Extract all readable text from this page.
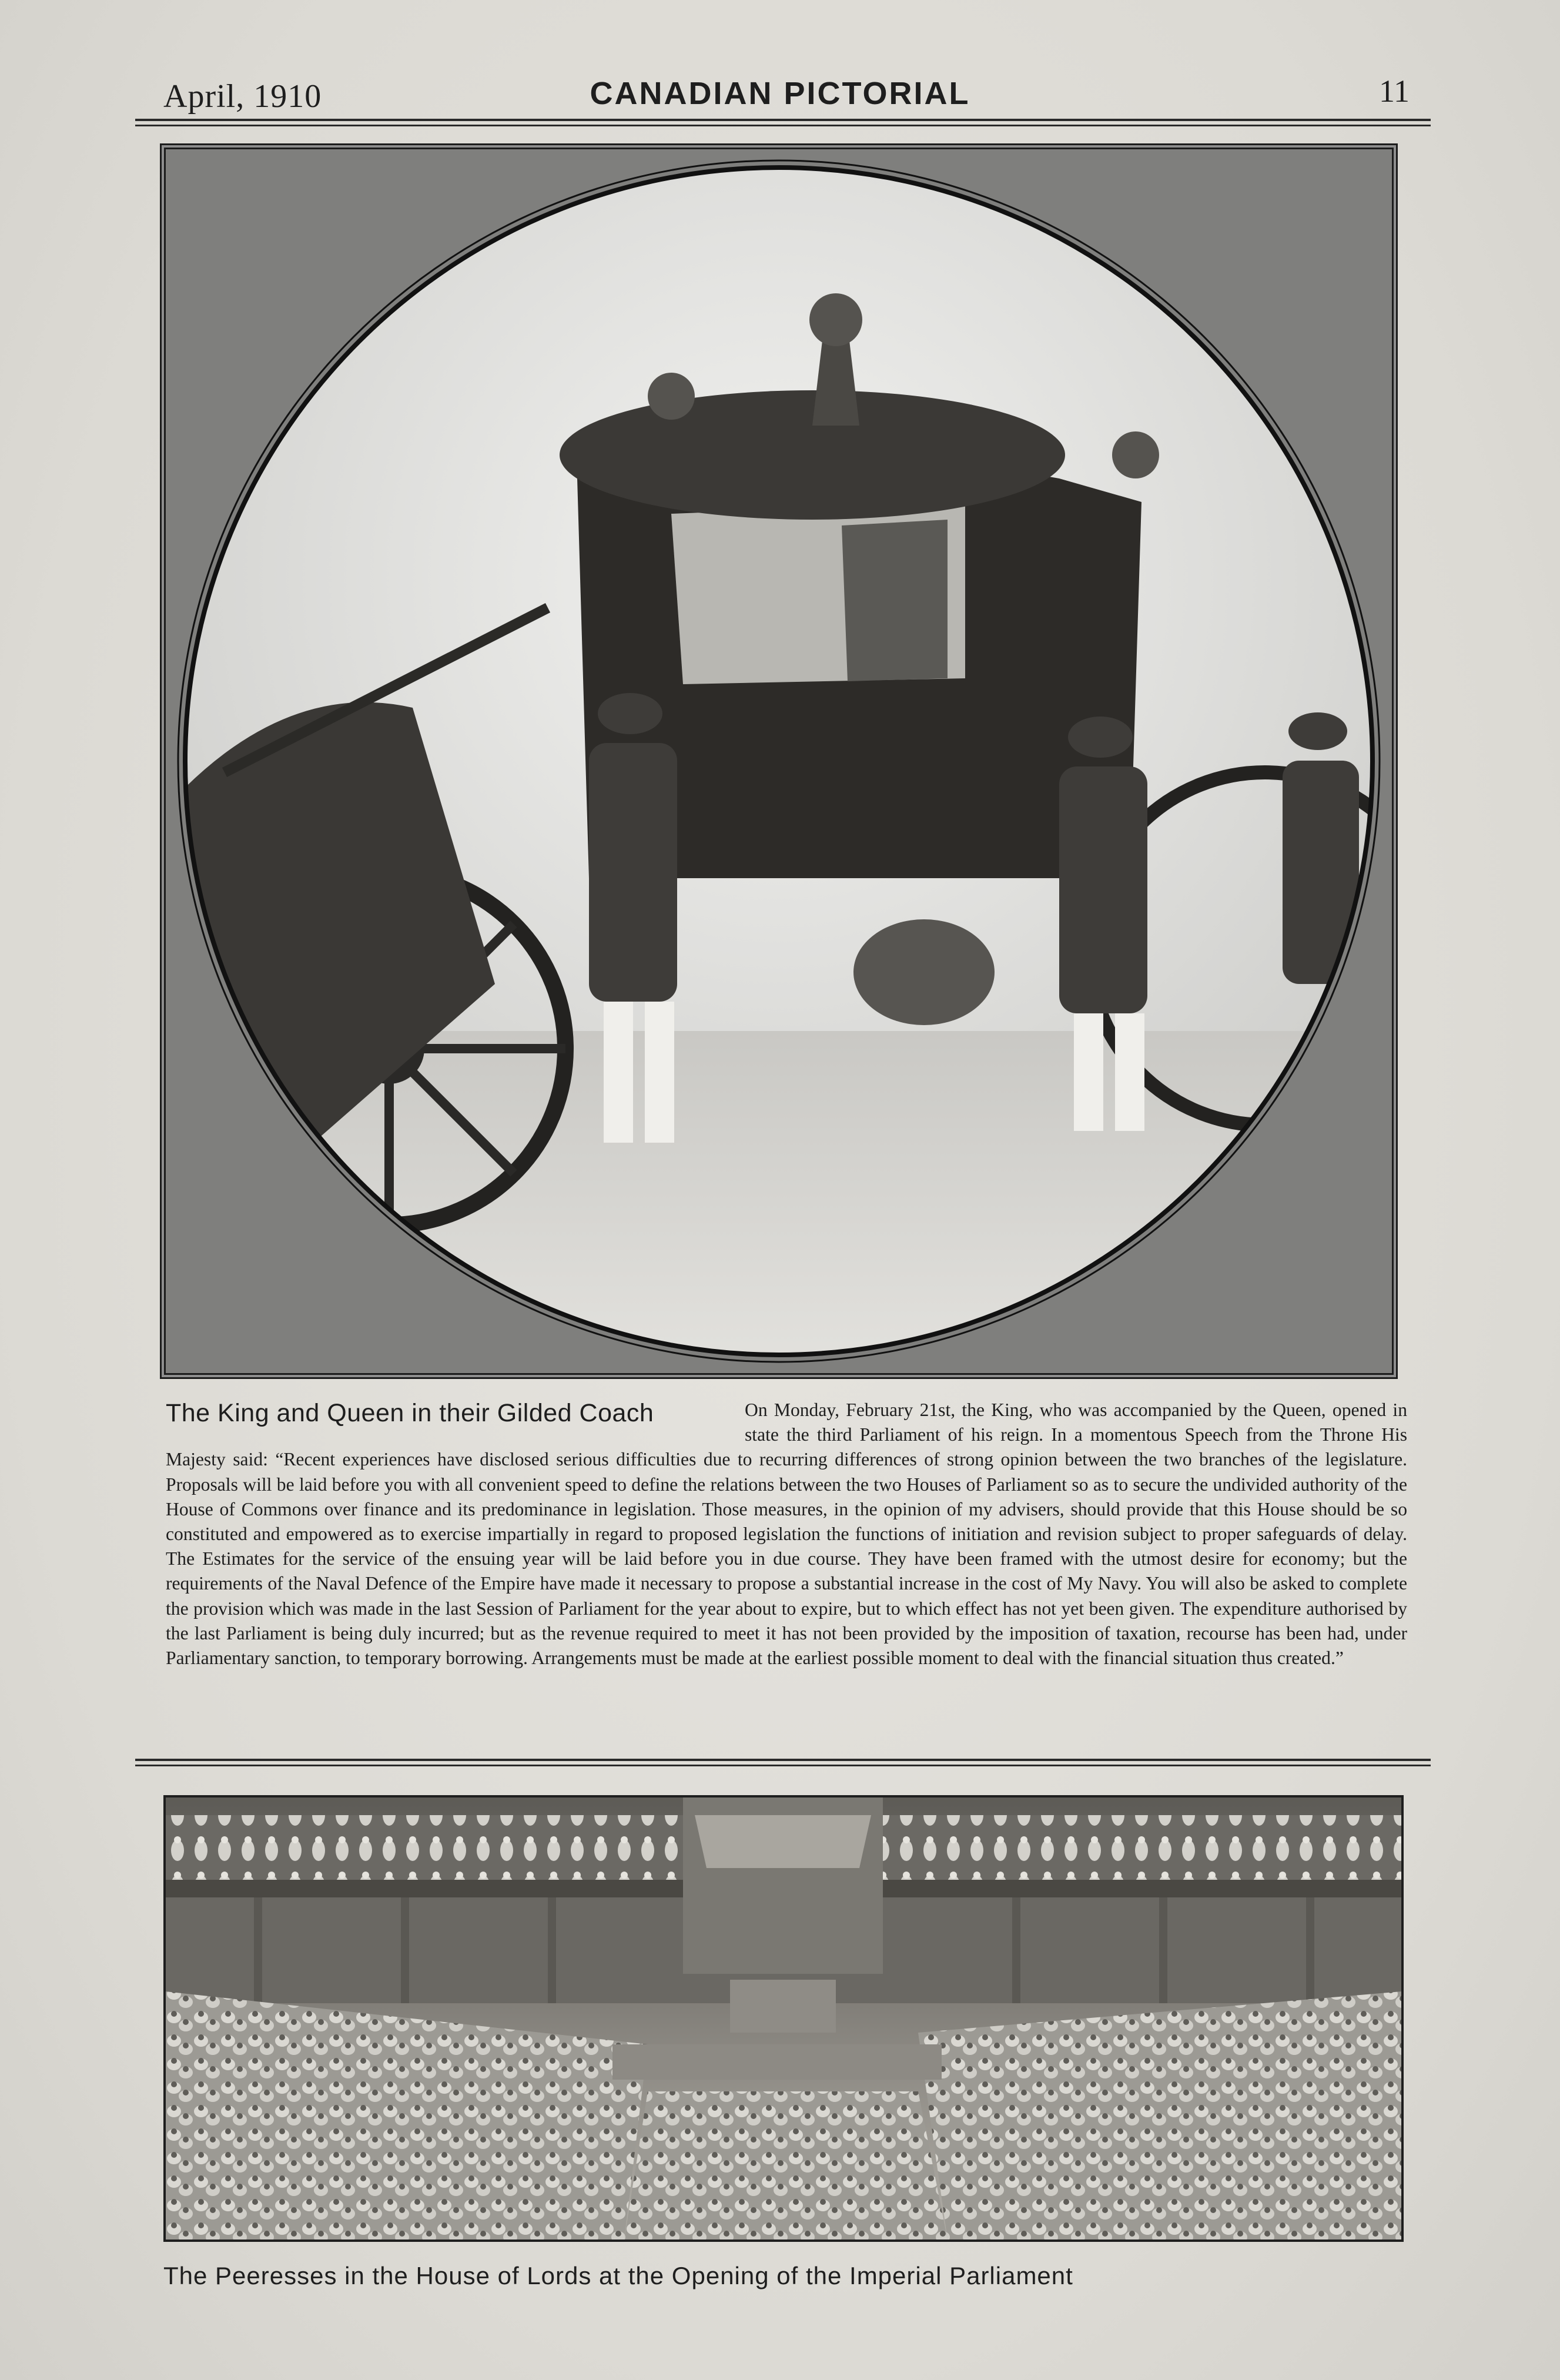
April, 1910	CANADIAN PICTORIAL	11
The King and Queen in their Gilded Coach	On Monday, February 21st, the King, who was accompanied by the Queen, opened in state the third Parliament of his reign. In a momentous Speech from the Throne His Majesty said: “Recent experiences have disclosed serious difficulties due to recurring differences of strong opinion between the two branches of the legislature. Proposals will be laid before you with all convenient speed to define the relations between the two Houses of Parliament so as to secure the undivided authority of the House of Commons over finance and its predominance in legislation. Those measures, in the opinion of my advisers, should provide that this House should be so constituted and empowered as to exercise impartially in regard to proposed legislation the functions of initiation and revision subject to proper safeguards of delay. The Estimates for the service of the ensuing year will be laid before you in due course. They have been framed with the utmost desire for economy; but the requirements of the Naval Defence of the Empire have made it necessary to propose a substantial increase in the cost of My Navy. You will also be asked to complete the provision which was made in the last Session of Parliament for the year about to expire, but to which effect has not yet been given. The expenditure authorised by the last Parliament is being duly incurred; but as the revenue required to meet it has not been provided by the imposition of taxation, recourse has been had, under Parliamentary sanction, to temporary borrowing. Arrangements must be made at the earliest possible moment to deal with the financial situation thus created.”
The Peeresses in the House of Lords at the Opening of the Imperial Parliament
